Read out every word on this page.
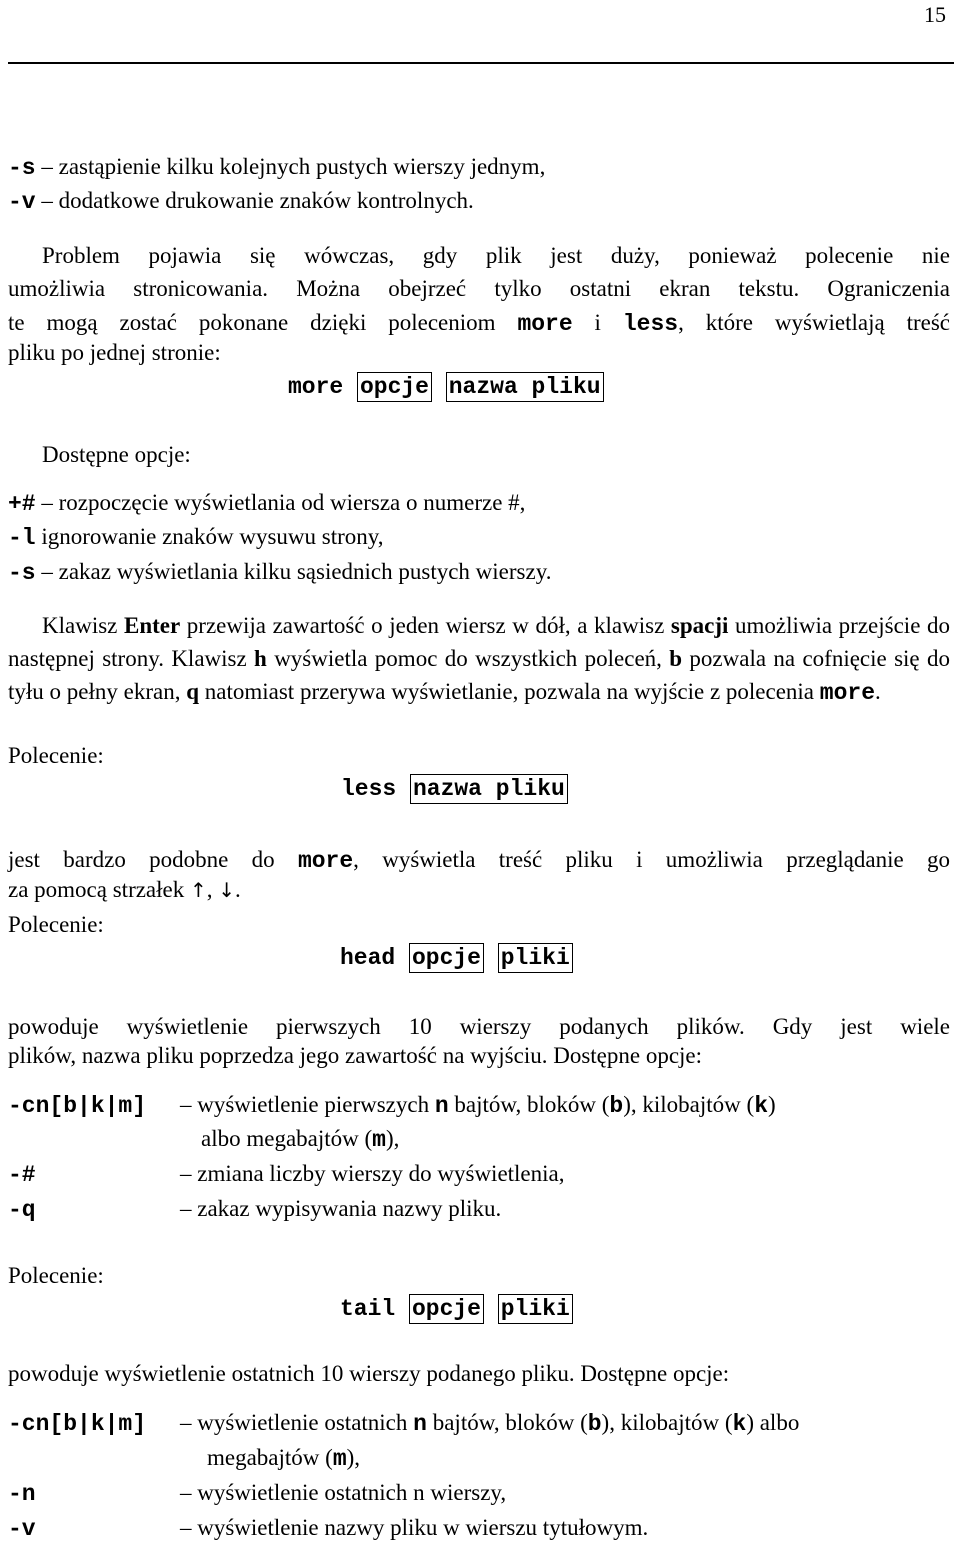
15
-s – zastąpienie kilku kolejnych pustych wierszy jednym,
-v – dodatkowe drukowanie znaków kontrolnych.
Problem pojawia się wówczas, gdy plik jest duży, ponieważ polecenie nie
umożliwia stronicowania. Można obejrzeć tylko ostatni ekran tekstu. Ograniczenia
te mogą zostać pokonane dzięki poleceniom more i less, które wyświetlają treść
pliku po jednej stronie:
more opcje nazwa pliku
Dostępne opcje:
+# – rozpoczęcie wyświetlania od wiersza o numerze #,
-l ignorowanie znaków wysuwu strony,
-s – zakaz wyświetlania kilku sąsiednich pustych wierszy.
Klawisz Enter przewija zawartość o jeden wiersz w dół, a klawisz spacji umożliwia przejście do następnej strony. Klawisz h wyświetla pomoc do wszystkich poleceń, b pozwala na cofnięcie się do tyłu o pełny ekran, q natomiast przerywa wyświetlanie, pozwala na wyjście z polecenia more.
Polecenie:
less nazwa pliku
jest bardzo podobne do more, wyświetla treść pliku i umożliwia przeglądanie go
za pomocą strzałek ↑, ↓.
Polecenie:
head opcje pliki
powoduje wyświetlenie pierwszych 10 wierszy podanych plików. Gdy jest wiele
plików, nazwa pliku poprzedza jego zawartość na wyjściu. Dostępne opcje:
-cn[b|k|m] – wyświetlenie pierwszych n bajtów, bloków (b), kilobajtów (k)
albo megabajtów (m),
-#	– zmiana liczby wierszy do wyświetlenia,
-q	– zakaz wypisywania nazwy pliku.
Polecenie:
tail opcje pliki
powoduje wyświetlenie ostatnich 10 wierszy podanego pliku. Dostępne opcje:
-cn[b|k|m] – wyświetlenie ostatnich n bajtów, bloków (b), kilobajtów (k) albo
megabajtów (m),
-n	– wyświetlenie ostatnich n wierszy,
-v	– wyświetlenie nazwy pliku w wierszu tytułowym.
